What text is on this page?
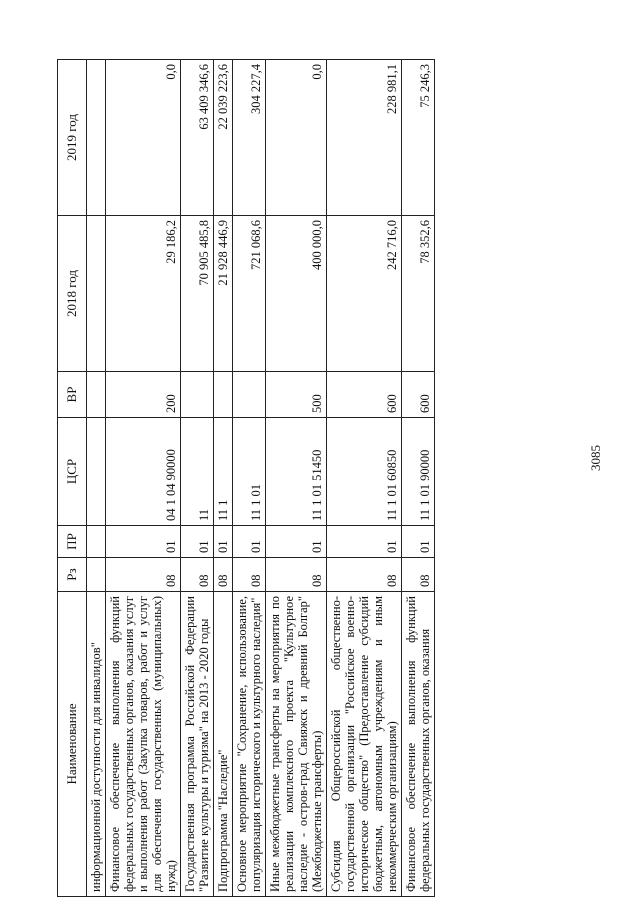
Наименование	Рз	ПР	ЦСР	ВР	2018 год	2019 год
информационной доступности для инвалидов"						
Финансовое обеспечение выполнения функций федеральных государственных органов, оказания услуг и выполнения работ (Закупка товаров, работ и услуг для обеспечения государственных (муниципальных) нужд)	08	01	04 1 04 90000	200	29 186,2	0,0
Государственная программа Российской Федерации "Развитие культуры и туризма" на 2013 - 2020 годы	08	01	11		70 905 485,8	63 409 346,6
Подпрограмма "Наследие"	08	01	11 1		21 928 446,9	22 039 223,6
Основное мероприятие "Сохранение, использование, популяризация исторического и культурного наследия"	08	01	11 1 01		721 068,6	304 227,4
Иные межбюджетные трансферты на мероприятия по реализации комплексного проекта "Культурное наследие - остров-град Свияжск и древний Болгар" (Межбюджетные трансферты)	08	01	11 1 01 51450	500	400 000,0	0,0
Субсидия Общероссийской общественно-государственной организации "Российское военно-историческое общество" (Предоставление субсидий бюджетным, автономным учреждениям и иным некоммерческим организациям)	08	01	11 1 01 60850	600	242 716,0	228 981,1
Финансовое обеспечение выполнения функций федеральных государственных органов, оказания	08	01	11 1 01 90000	600	78 352,6	75 246,3
3085
